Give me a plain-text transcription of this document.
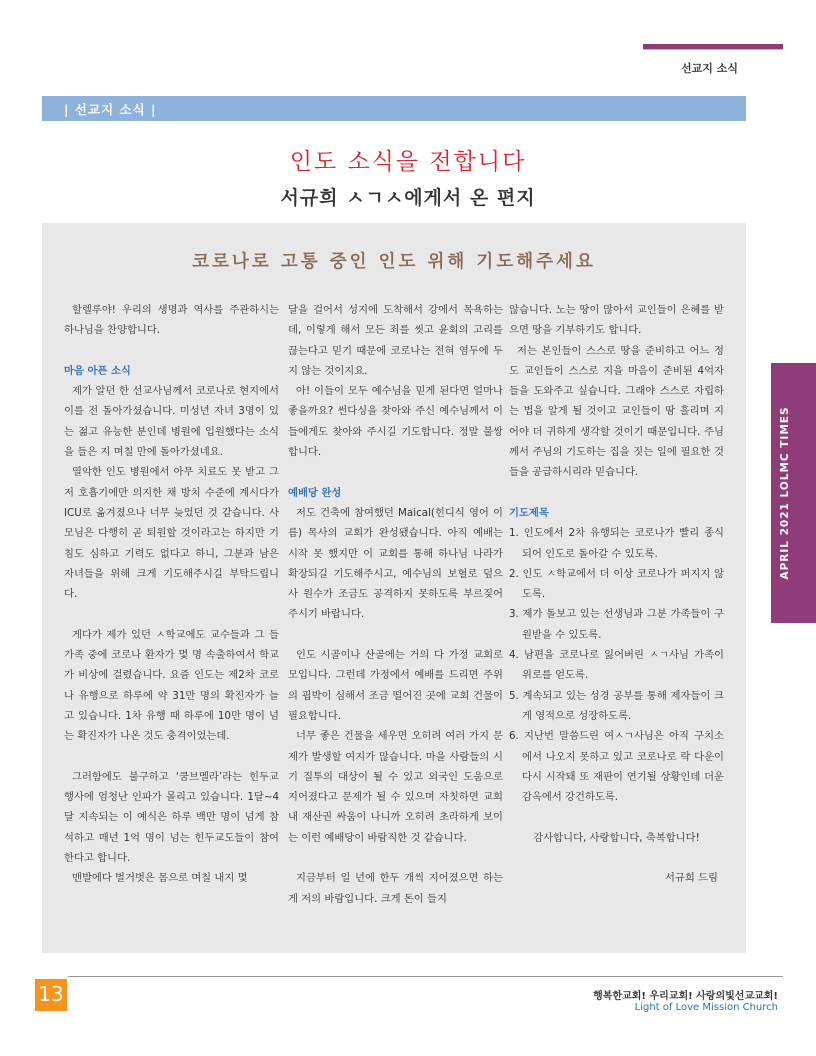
선교지 소식
| 선교지 소식 |
인도 소식을 전합니다
서규희 ㅅㄱㅅ에게서 온 편지
코로나로 고통 중인 인도 위해 기도해주세요

할렐루야! 우리의 생명과 역사를 주관하시는 하나님을 찬양합니다.

마음 아픈 소식

제가 알던 한 선교사님께서 코로나로 현지에서 이를 전 돌아가셨습니다. 미성년 자녀 3명이 있는 젊고 유능한 분인데 병원에 입원했다는 소식을 들은 지 며칠 만에 돌아가셨네요.

열악한 인도 병원에서 아무 치료도 못 받고 그저 호흡기에만 의지한 채 방치 수준에 계시다가 ICU로 옮겨졌으나 너무 늦었던 것 같습니다. 사모님은 다행히 곧 퇴원할 것이라고는 하지만 기침도 심하고 기력도 없다고 하니, 그분과 남은 자녀들을 위해 크게 기도해주시길 부탁드립니다.

게다가 제가 있던 ㅅ학교에도 교수들과 그 들 가족 중에 코로나 환자가 몇 명 속출하여서 학교가 비상에 걸렸습니다. 요즘 인도는 제2차 코로나 유행으로 하루에 약 31만 명의 확진자가 늘고 있습니다. 1차 유행 때 하루에 10만 명이 넘는 확진자가 나온 것도 충격이었는데.

그러함에도 불구하고 ‘쿰브멜라’라는 힌두교 행사에 엄청난 인파가 몰리고 있습니다. 1달~4달 지속되는 이 예식은 하루 백만 명이 넘게 참석하고 매년 1억 명이 넘는 힌두교도들이 참여한다고 합니다.

맨발에다 벌거벗은 몸으로 며칠 내지 몇

달을 걸어서 성지에 도착해서 강에서 목욕하는데, 이렇게 해서 모든 죄를 씻고 윤회의 고리를 끊는다고 믿기 때문에 코로나는 전혀 염두에 두지 않는 것이지요.

아! 이들이 모두 예수님을 믿게 된다면 얼마나 좋을까요? 썬다싱을 찾아와 주신 예수님께서 이들에게도 찾아와 주시길 기도합니다. 정말 불쌍합니다.

예배당 완성

저도 건축에 참여했던 Maical(힌디식 영어 이름) 목사의 교회가 완성됐습니다. 아직 예배는 시작 못 했지만 이 교회를 통해 하나님 나라가 확장되길 기도해주시고, 예수님의 보혈로 덮으사 원수가 조금도 공격하지 못하도록 부르짖어주시기 바랍니다.

인도 시골이나 산골에는 거의 다 가정 교회로 모입니다. 그런데 가정에서 예배를 드리면 주위의 핍박이 심해서 조금 떨어진 곳에 교회 건물이 필요합니다.

너무 좋은 건물을 세우면 오히려 여러 가지 문제가 발생할 여지가 많습니다. 마을 사람들의 시기 질투의 대상이 될 수 있고 외국인 도움으로 지어졌다고 문제가 될 수 있으며 자칫하면 교회 내 재산권 싸움이 나니까 오히려 초라하게 보이는 이런 예배당이 바람직한 것 같습니다.

지금부터 일 년에 한두 개씩 지어졌으면 하는 게 저의 바람입니다. 크게 돈이 들지

않습니다. 노는 땅이 많아서 교인들이 은혜를 받으면 땅을 기부하기도 합니다.

저는 본인들이 스스로 땅을 준비하고 어느 정도 교인들이 스스로 지을 마음이 준비된 4억자들을 도와주고 싶습니다. 그래야 스스로 자립하는 법을 알게 될 것이고 교인들이 땀 흘리며 지어야 더 귀하게 생각할 것이기 때문입니다. 주님께서 주님의 기도하는 집을 짓는 일에 필요한 것들을 공급하시리라 믿습니다.

기도제목

1. 인도에서 2차 유행되는 코로나가 빨리 종식되어 인도로 돌아갈 수 있도록.
2. 인도 ㅅ학교에서 더 이상 코로나가 퍼지지 않도록.
3. 제가 돌보고 있는 선생님과 그분 가족들이 구원받을 수 있도록.
4. 남편을 코로나로 잃어버린 ㅅㄱ사님 가족이 위로를 얻도록.
5. 계속되고 있는 성경 공부를 통해 제자들이 크게 영적으로 성장하도록.
6. 지난번 말씀드린 여ㅅㄱ사님은 아직 구치소에서 나오지 못하고 있고 코로나로 락 다운이 다시 시작돼 또 재판이 연기될 상황인데 더운 감옥에서 강건하도록.

감사합니다, 사랑합니다, 축복합니다!

서규희 드림

APRIL 2021 LOLMC TIMES
13	행복한교회! 우리교회! 사랑의빛선교교회!
Light of Love Mission Church
